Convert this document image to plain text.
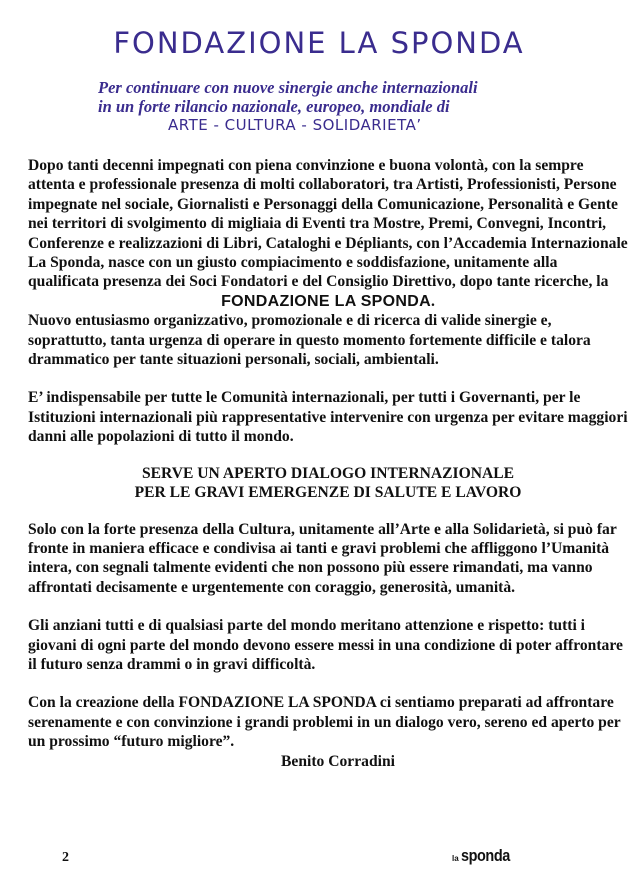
FONDAZIONE LA SPONDA
Per continuare con nuove sinergie anche internazionali
in un forte rilancio nazionale, europeo, mondiale di

ARTE - CULTURA - SOLIDARIETA’

Dopo tanti decenni impegnati con piena convinzione e buona volontà, con la sempre attenta e professionale presenza di molti collaboratori, tra Artisti, Professionisti, Persone impegnate nel sociale, Giornalisti e Personaggi della Comunicazione, Personalità e Gente nei territori di svolgimento di migliaia di Eventi tra Mostre, Premi, Convegni, Incontri, Conferenze e realizzazioni di Libri, Cataloghi e Dépliants, con l’Accademia Internazionale La Sponda, nasce con un giusto compiacimento e soddisfazione, unitamente alla qualificata presenza dei Soci Fondatori e del Consiglio Direttivo, dopo tante ricerche, la

FONDAZIONE LA SPONDA.

Nuovo entusiasmo organizzativo, promozionale e di ricerca di valide sinergie e, soprattutto, tanta urgenza di operare in questo momento fortemente difficile e talora drammatico per tante situazioni personali, sociali, ambientali.

E’ indispensabile per tutte le Comunità internazionali, per tutti i Governanti, per le Istituzioni internazionali più rappresentative intervenire con urgenza per evitare maggiori danni alle popolazioni di tutto il mondo.

SERVE UN APERTO DIALOGO INTERNAZIONALE

PER LE GRAVI EMERGENZE DI SALUTE E LAVORO

Solo con la forte presenza della Cultura, unitamente all’Arte e alla Solidarietà, si può far fronte in maniera efficace e condivisa ai tanti e gravi problemi che affliggono l’Umanità intera, con segnali talmente evidenti che non possono più essere rimandati, ma vanno affrontati decisamente e urgentemente con coraggio, generosità, umanità.

Gli anziani tutti e di qualsiasi parte del mondo meritano attenzione e rispetto: tutti i giovani di ogni parte del mondo devono essere messi in una condizione di poter affrontare il futuro senza drammi o in gravi difficoltà.

Con la creazione della FONDAZIONE LA SPONDA ci sentiamo preparati ad affrontare serenamente e con convinzione i grandi problemi in un dialogo vero, sereno ed aperto per un prossimo “futuro migliore”.

Benito Corradini

2	la sponda
